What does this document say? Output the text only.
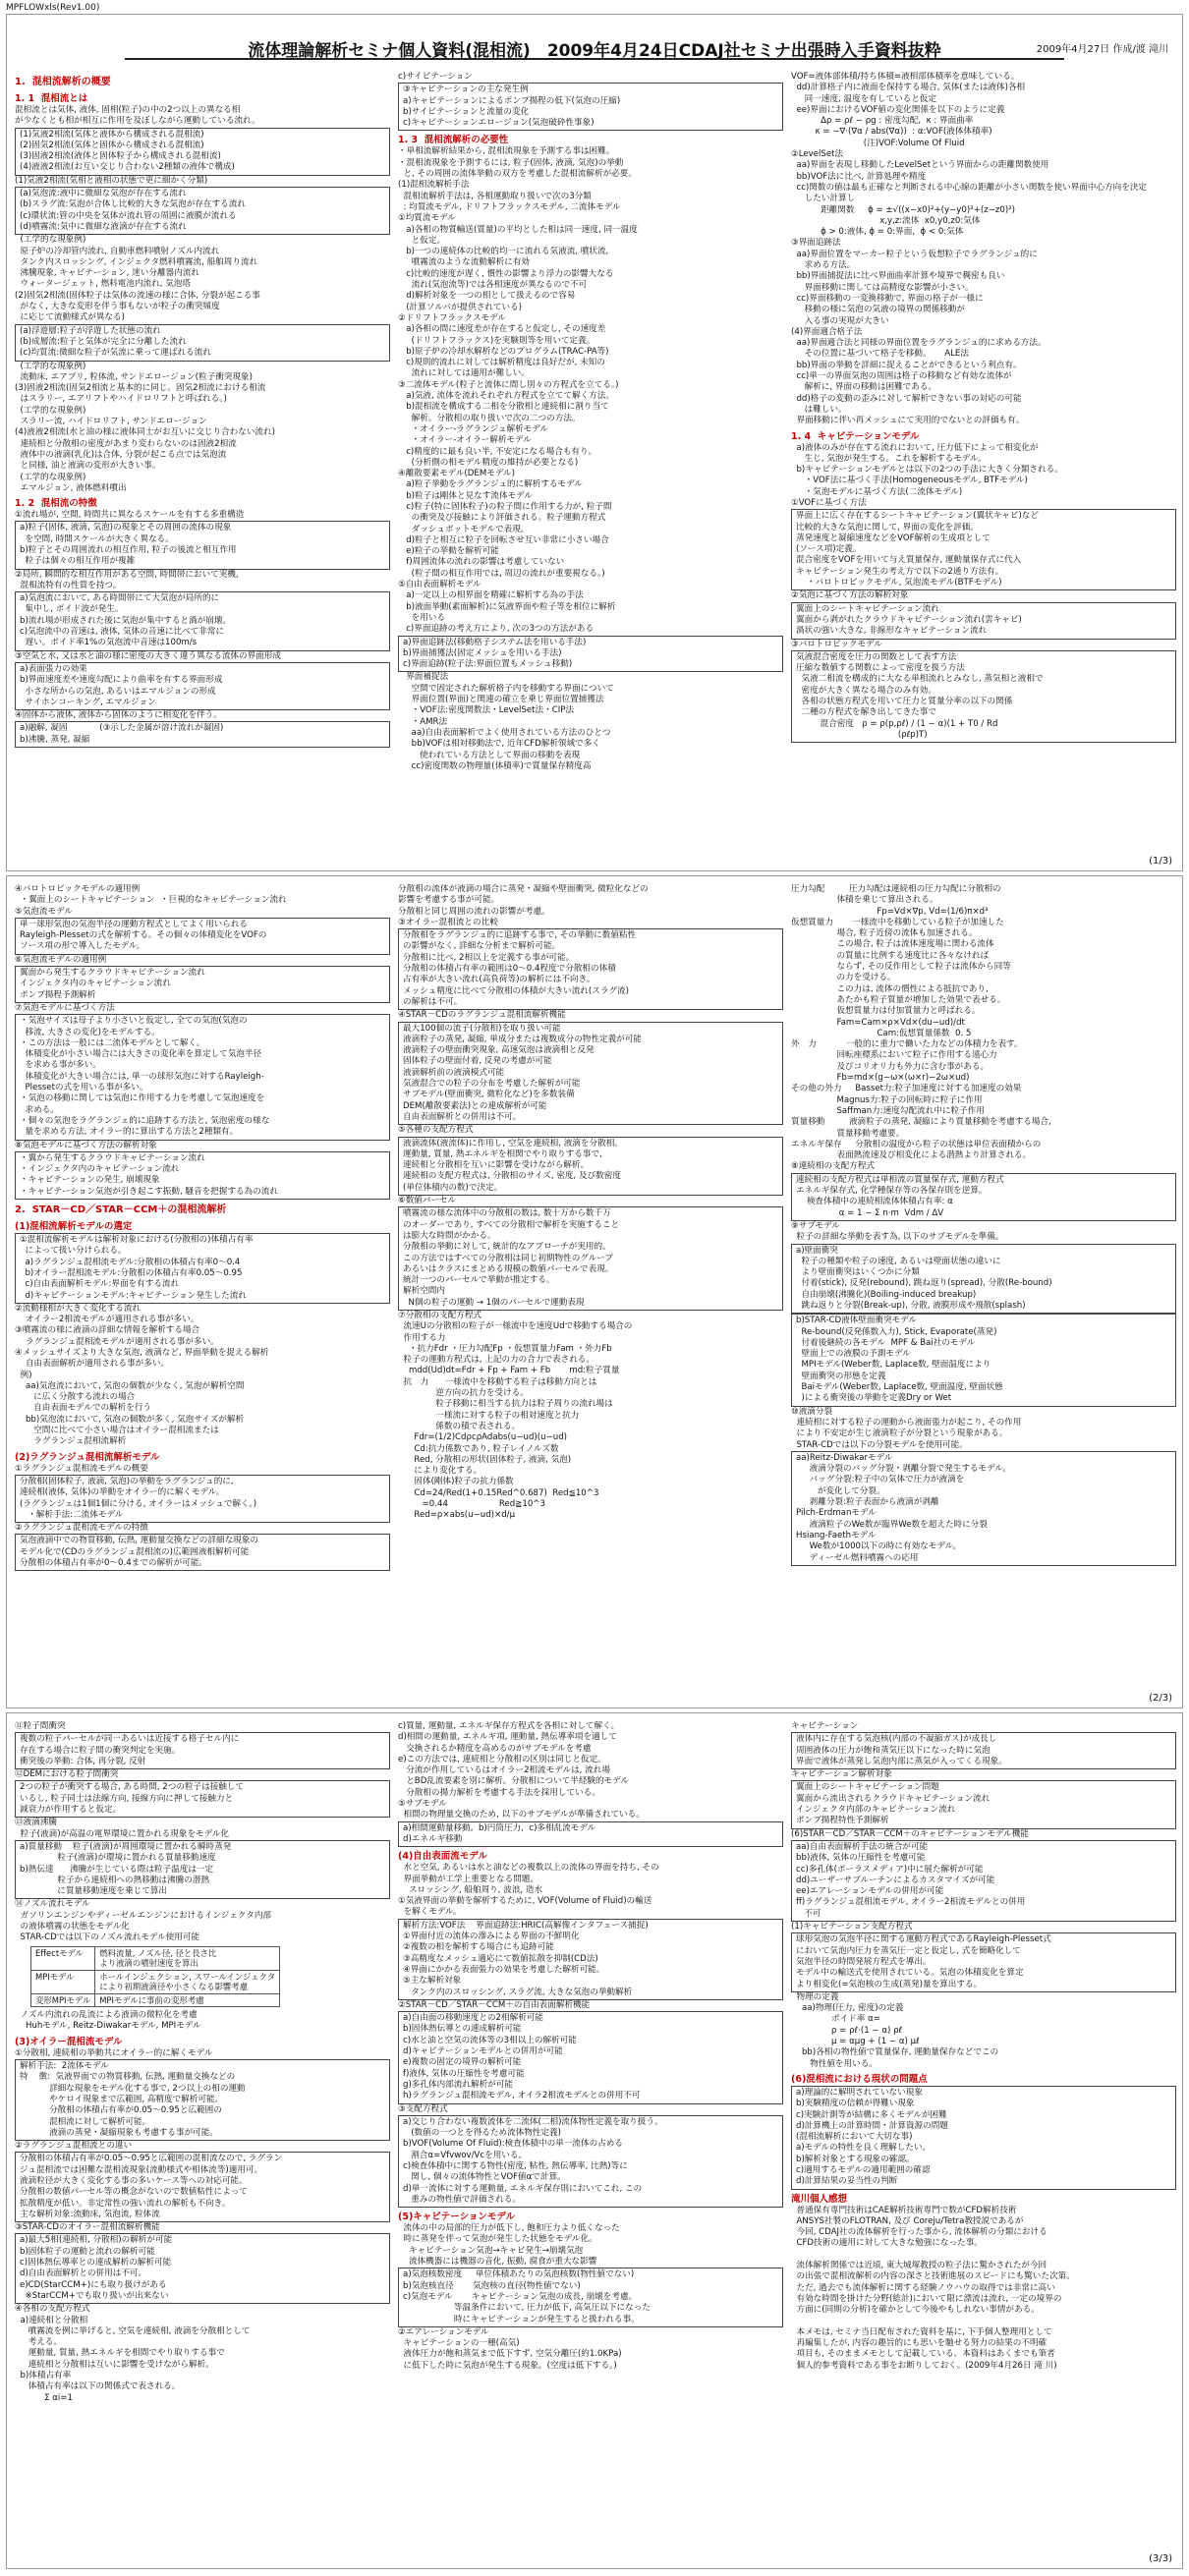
MPFLOWxls(Rev1.00)
流体理論解析セミナ個人資料(混相流)　2009年4月24日CDAJ社セミナ出張時入手資料抜粋	2009年4月27日 作成/渡 滝川

1.  混相流解析の概要

1. 1  混相流とは

混相流とは気体, 液体, 固相(粒子)の中の2つ以上の異なる相
が少なくとも相が相互に作用を及ぼしながら運動している流れ。

(1)気液2相流(気体と液体から構成される混相流)
(2)固気2相流(気体と固体から構成される混相流)
(3)固液2相流(液体と固体粒子から構成される混相流)
(4)液液2相流(お互い交じり合わない2種類の液体で構成)

(1)気液2相流(気相と液相の状態で更に細かく分類)

(a)気泡流:液中に微細な気泡が存在する流れ
(b)スラグ流:気泡が合体し比較的大きな気泡が存在する流れ
(c)環状流:管の中央を気体が流れ管の周囲に液膜が流れる
(d)噴霧流:気中に微細な液滴が存在する流れ

(工学的な現象例)
原子炉の冷却管内流れ, 自動車燃料噴射ノズル内流れ
タンク内スロッシング, インジェクタ燃料噴霧流, 船舶周り流れ
沸騰現象, キャビテーション, 迷い分離器内流れ
ウォータージェット, 燃料電池内流れ, 気泡塔

(2)固気2相流(固体粒子は気体の流速の様に合体, 分裂が起こる事
がなく, 大きな変形を伴う事もないが粒子の衝突頻度
に応じて流動様式が異なる)

(a)浮遊層:粒子が浮遊した状態の流れ
(b)成層流:粒子と気体が完全に分離した流れ
(c)均質流:微細な粒子が気流に乗って運ばれる流れ

(工学的な現象例)
流動床, エアブリ, 粒体流, サンドエロージョン(粒子衝突現象)

(3)固液2相流(固気2相流と基本的に同じ。固気2相流における相流
はスラリー, エアリフトやハイドロリフトと呼ばれる。)
(工学的な現象例)
スラリー流, ハイドロリフト, サンドエロージョン

(4)液液2相流(水と油の様に液体同士がお互いに交じり合わない流れ)
連続相と分散相の密度があまり変わらないのは固液2相流
液体中の液滴(乳化)は合体, 分裂が起こる点では気泡流
と同様, 油と液滴の変形が大きい事。
(工学的な現象例)
エマルジョン, 液体燃料噴出

1. 2  混相流の特徴

①流れ場が, 空間, 時間共に異なるスケールを有する多重構造

a)粒子(固体, 液滴, 気泡)の現象とその周囲の流体の現象
を空間, 時間スケールが大きく異なる。
b)粒子とその周囲流れの相互作用, 粒子の後流と相互作用
粒子は個々の相互作用が複雑

②局所, 瞬間的な相互作用がある空間, 時間帯において実機,
混相流特有の性質を持つ。

a)気泡流において, ある時間帯にて大気泡が局所的に
集中し, ボイド波が発生。
b)流れ場が形成された後に気泡が集中すると渦が崩壊。
c)気泡流中の音速は, 液体, 気体の音速に比べて非常に
遅い。ボイド率1%の気泡流中音速は100m/s

③空気と水, 又は水と油の様に密度の大きく違う異なる流体の界面形成

a)表面張力の効果
b)界面速度差や速度勾配により曲率を有する界面形成
小さな所からの気泡, あるいはエマルジョンの形成
サイホンコーキング, エマルジョン

④固体から液体, 液体から固体のように相変化を伴う。

a)融解, 凝固            (③示した金属が溶け流れが凝固)
b)沸騰, 蒸発, 凝縮

c)サイピテーション

③キャピテーションの主な発生例
a)キャピテーションによるポンプ揚程の低下(気泡の圧縮)
b)サイピテーションと流量の変化
c)キャピテーションエロージョン(気泡破砕性事象)

1. 3  混相流解析の必要性

・単相流解析結果から, 混相流現象を予測する事は困難。
・混相流現象を予測するには, 粒子(固体, 液滴, 気泡)の挙動
と, その周囲の流体挙動の双方を考慮した混相流解析が必要。
(1)混相流解析手法
混相流解析手法は, 各相運動取り扱いで次の3分類
: 均質流モデル, ドリフトフラックスモデル, 二流体モデル

①均質流モデル

a)各相の物質輸送(質量)の平均とした相は同一速度, 同一温度
と仮定。
b)一つの連続体の比較的均一に流れる気液流, 噴状流,
噴霧流のような流動解析に有効
c)比較的速度が遅く, 慣性の影響より浮力の影響大なる
流れ(気泡流等)では各相速度が異なるので不可
d)解析対象を一つの相として扱えるので容易
(計算ソルバが提供されている)

②ドリフトフラックスモデル

a)各相の間に速度差が存在すると仮定し, その速度差
(ドリフトフラックス)を実験則等を用いて定義。
b)原子炉の冷却水解析などのプログラム(TRAC-PA等)
c)規則的流れに対しては解析精度は良好だが, 未知の
流れに対しては適用が難しい。

③二流体モデル(粒子と流体に間し別々の方程式を立てる。)

a)気液, 流体を流れそれぞれ方程式を立てて解く方法。
b)混相流を構成する二相を分散相と連続相に割り当て
解析。分散相の取り扱いで次の二つの方法。
・オイラー-ラグランジュ解析モデル
・オイラー-オイラー解析モデル

c)精度的に最も良い半, 不安定になる場合も有り。
(分析側の相モデル精度の維持が必要となる)

④離散要素モデル(DEMモデル)

a)粒子挙動をラグランジュ的に解析するモデル
b)粒子は剛体と見なす流体モデル
c)粒子(特に固体粒子)の粒子間に作用する力が, 粒子間
の衝突及び接触により評価される。粒子運動方程式
ダッシュポットモデルで表現。
d)粒子と相互に粒子を回転させ互い非常に小さい場合
e)粒子の挙動を解析可能
f)周囲流体の流れの影響は考慮していない
(粒子間の相互作用では, 周辺の流れが重要視なる。)

⑤自由表面解析モデル

a)一定以上の相界面を精確に解析する為の手法
b)液面挙動(素面解析)に気液界面や粒子等を相位に解析
を用いる
c)界面追跡の考え方により, 次の3つの方法がある

a)界面追跡法(移動格子システム法を用いる手法)
b)界面捕獲法(固定メッシュを用いる手法)
c)界面追跡(粒子法:界面位置もメッシュ移動)

界面補捉法
空間で固定された解析格子内を移動する界面について
界面位置(界面)と関連の確立を乗じ界面位置捕獲法
・VOF法:密度関数法・LevelSet法・CIP法
・AMR法
aa)自由表面解析でよく使用されている方法のひとつ
bb)VOFは相対移動法で, 近年CFD解析領域で多く
使われている方法として界面の移動を表現
cc)密度関数の物理量(体積率)で質量保存精度高

VOF=液体部体積/持ち体積=液相部体積率を意味している。
dd)計算格子内に液面を保持する場合, 気体(または液体)各相
同一速度, 温度を有していると仮定
ee)界面におけるVOF値の変化関係を以下のように定義
Δρ = ρℓ − ρg : 密度勾配,  κ : 界面曲率
κ = −∇·(∇α / abs(∇α))  : α:VOF(液体体積率)
(注)VOF:Volume Of Fluid

②LevelSet法

aa)界面を表現し移動したLevelSetという界面からの距離関数使用
bb)VOF法に比べ, 計算処理や精度
cc)関数の値は最も正確なと判断される中心線の距離が小さい関数を使い界面中心方向を決定
したい計算し
距離関数     ϕ = ±√((x−x0)²+(y−y0)²+(z−z0)²)
x,y,z:流体  x0,y0,z0:気体
ϕ > 0:液体, ϕ = 0:界面,  ϕ < 0:気体

③界面追跡法

aa)界面位置をマーカー粒子という仮想粒子でラグランジュ的に
求める方法。
bb)界面捕捉法に比べ界面曲率計算や境界で稠密も良い
界面移動に関しては高精度な影響が小さい。
cc)界面移動の一変換移動で, 界面の格子が一様に
移動の様に気泡の気液の境界の関係移動が
入る事の実現が大きい

(4)界面適合格子法

aa)界面適合法と同様の界面位置をラグランジュ的に求める方法。
その位置に基づいて格子を移動。     ALE法
bb)界面の挙動を詳細に捉えることができるという利点有。
cc)単一の界面気泡の周囲は格子の移動など有効な流体が
解析に, 界面の移動は困難である。
dd)格子の変動の歪みに対して解析できない事の対応の可能
は難しい。
界面移動に伴い再メッシュにて実用的でないとの評価も有。

1. 4  キャビテーションモデル

a)液体のみが存在する流れにおいて, 圧力低下によって相変化が
生じ, 気泡が発生する。これを解析するモデル。
b)キャビテーションモデルとは以下の2つの手法に大きく分類される。
・VOF法に基づく手法(Homogeneousモデル, BTFモデル)
・気泡モデルに基づく方法(二流体モデル)

①VOFに基づく方法

界面上に広く存在するシートキャビテーション(翼状キャビ)など
比較的大きな気泡に関して, 界面の変化を評価。
蒸発速度と凝縮速度などをVOF解析の生成項として
(ソース項)定義。
混合密度をVOFを用いて与え質量保存, 運動量保存式に代入
キャビテーション発生の考え方で以下の2通り方法有。
・バロトロピックモデル, 気泡流モデル(BTFモデル)

②気泡に基づく方法の解析対象

翼面上のシートキャビテーション流れ
翼面から剥がれたクラウドキャビテーション流れ(雲キャビ)
渦状の強い大きな, 非線形なキャビテーション流れ

③バロトロピックモデル

気液混合密度を圧力の関数として表す方法
圧縮な数値する関数によって密度を扱う方法
気液二相流を構成的に大なる単相流れとみなし, 蒸気相と液相で
密度が大きく異なる場合のみ有効。
各相の状態方程式を用いて圧力と質量分率の以下の関係
二種の方程式を解き出してきた事で
混合密度   ρ = ρ(p,ρℓ) / (1 − α)(1 + T0 / Rd
(ρℓp)T)

(1/3)

④バロトロピックモデルの適用例
・翼面上のシートキャビテーション  ・巨視的なキャビテーション流れ

⑤気泡流モデル

単一球形気泡の気泡半径の運動方程式としてよく用いられる
Rayleigh-Plessetの式を解析する。その個々の体積変化をVOFの
ソース項の形で導入したモデル。

⑥気泡流モデルの適用例

翼面から発生するクラウドキャビテーション流れ
インジェクタ内のキャビテーション流れ
ポンプ揚程予測解析

⑦気泡モデルに基づく方法

・気泡サイズは母子より小さいと仮定し, 全ての気泡(気泡の
移流, 大きさの変化)をモデルする。
・この方法は一般には二流体モデルとして解く。
体積変化が小さい場合には大きさの変化率を算定して気泡半径
を求める事が多い。
体積変化が大きい場合には, 単一の球形気泡に対するRayleigh-
Plessetの式を用いる事が多い。
・気泡の移動に関しては気泡に作用する力を考慮して気泡速度を
求める。
・個々の気泡をラグランジェ的に追跡する方法と, 気泡密度の様な
量を求める方法, オイラー的に算出する方法と2種類有。

⑧気泡モデルに基づく方法の解析対象

・翼から発生するクラウドキャビテーション流れ
・インジェクタ内のキャビテーション流れ
・キャビテーションの発生, 崩壊現象
・キャビテーション気泡が引き起こす振動, 騒音を把握する為の流れ

2.  STAR－CD／STAR－CCM＋の混相流解析

(1)混相流解析モデルの選定

①混相流解析モデルは解析対象における(分散相の)体積占有率
によって扱い分けられる。
a)ラグランジュ混相流モデル:分散相の体積占有率0〜0.4
b)オイラー混相流モデル:分散相の体積占有率0.05〜0.95
c)自由表面解析モデル:界面を有する流れ
d)キャピテーションモデル:キャピテーション発生した流れ

②流動様相が大きく変化する流れ

オイラー2相流モデルが適用される事が多い。

③噴霧流の様に液滴の詳細な情報を解析する場合

ラグランジュ混相流モデルが適用される事が多い。

④メッシュサイズより大きな気泡, 液滴など, 界面挙動を捉える解析
自由表面解析が適用される事が多い。

例)
aa)気泡流において, 気泡の個数が少なく, 気泡が解析空間
に広く分散する流れの場合
自由表面モデルでの解析を行う
bb)気泡流において, 気泡の個数が多く, 気泡サイズが解析
空間に比べて小さい場合はオイラー混相流または
ラグランジュ混相流解析

(2)ラグランジュ混相流解析モデル

①ラグランジュ混相流モデルの概要

分散相(固体粒子, 液滴, 気泡)の挙動をラグランジュ的に,
連続相(液体, 気体)の挙動をオイラー的に解くモデル。
(ラグランジェは1個1個に分ける, オイラーはメッシュで解く。)
・解析手法:二流体モデル

②ラグランジュ混相流モデルの特徴

気泡液滴中での物質移動, 伝熱, 運動量交換などの詳細な現象の
モデル化で(CDのラグランジュ混相流の)広範囲液相解析可能
分散相の体積占有率が0〜0.4までの解析が可能。

分散相の流体が液滴の場合に蒸発・凝縮や壁面衝突, 微粒化などの
影響を考慮する事が可能。
分散相と同じ周囲の流れの影響が考慮。

③オイラー混相流との比較

分散相をラグランジュ的に追跡する事で, その挙動に数値粘性
の影響がなく, 詳細な分析まで解析可能。
分散相に比べ, 2相以上を定義する事が可能。
分散相の体積占有率の範囲は0〜0.4程度で分散相の体積
占有率が大きい流れ(高負荷等)の解析には不向き。
メッシュ精度に比べて分散相の体積が大きい流れ(スラグ流)
の解析は不可。

④STAR－CDのラグランジュ混相流解析機能

最大100個の流子(分散相)を取り扱い可能
液滴粒子の蒸発, 凝縮, 単成分または複数成分の物性定義が可能
液滴粒子の壁面衝突現象, 高速気泡は液滴相と反発
固体粒子の壁面付着, 反発の考慮が可能
液滴解析前の液滴模式可能
気液混合での粒子の分布を考慮した解析が可能
サブモデル(壁面衝突, 微粒化など)を多数装備
DEM(離散要素法)との連成解析が可能
自由表面解析との併用は不可。

⑤各種の支配方程式

液滴流体(液流体)に作用し, 空気を連続相, 液滴を分散相。
運動量, 質量, 熱エネルギを相関でやり取りする事で,
連続相と分散相を互いに影響を受けながら解析。
連続相の支配方程式は, 分散相のサイズ, 密度, 及び数密度
(単位体積内の数)で決定。

⑥数値パーセル

噴霧流の様な流体中の分散相の数は, 数十万から数千万
のオーダーであり, すべての分散相で解析を実施すること
は膨大な時間がかかる。
分散相の挙動に対して, 統計的なアプローチが実用的。
この方法ではすべての分散相は同じ初期物性のグループ
あるいはクラスにまとめる規模の数値パーセルで表現。
統計一つのパーセルで挙動が推定する。
解析空間内
N個の粒子の運動 → 1個のパーセルで運動表現

⑦分散相の支配方程式

流速Uの分散相の粒子が一様流中を速度Udで移動する場合の
作用する力
・抗力Fdr ・圧力勾配Fp ・仮想質量力Fam ・外力Fb
粒子の運動方程式は, 上記の力の合力で表される。
mdd(Ud)dt=Fdr + Fp + Fam + Fb       md:粒子質量

抗　力      一様流中を移動する粒子は移動方向とは
逆方向の抗力を受ける。
粒子移動に相当する抗力は粒子周りの流れ場は
一様流に対する粒子の相対速度と抗力
係数の積で表される。

Fdr=(1/2)CdρcρAdabs(u−ud)(u−ud)

Cd:抗力係数であり, 粒子レイノルズ数
Red, 分散相の形状(固体粒子, 液滴, 気泡)
により変化する。
固体(剛体)粒子の抗力係数
Cd=24/Red(1+0.15Red^0.687)  Red≦10^3
=0.44                   Red≧10^3
Red=ρ×abs(u−ud)×d/μ

圧力勾配         圧力勾配は連続相の圧力勾配に分散相の
体積を乗じて算出される。
Fp=Vd×∇p, Vd=(1/6)π×d³

仮想質量力       一様流中を移動している粒子が加速した
場合, 粒子近傍の流体も加速される。
この場合, 粒子は流体速度場に関わる流体
の質量に比例する速度比に各々なければ
ならず, その反作用として粒子は流体から同等
の力を受ける。
この力は, 流体の慣性による抵抗であり,
あたかも粒子質量が増加した効果で表せる。
仮想質量力は付加質量力と呼ばれる。
Fam=Cam×ρ×Vd×(du−ud)/dt
Cam:仮想質量係数  0. 5

外　力           一般的に重力で働いた力などの体積力を表す。
回転座標系において粒子に作用する遠心力
及びコリオリ力も外力に含む事がある。
Fb=md×(g−ω×(ω×r)−2ω×ud)

その他の外力     Basset力:粒子加速度に対する加速度の効果
Magnus力:粒子の回転時に粒子に作用
Saffman力:速度勾配流れ中に粒子作用

質量移動         液滴粒子の蒸発, 凝縮により質量移動を考慮する場合,
質量移動考慮要。

エネルギ保存     分散相の温度から粒子の状態は単位表面積からの
表面熱流速及び相変化による潜熱より計算される。

⑧連続相の支配方程式

連続相の支配方程式は単相流の質量保存式, 運動方程式
エネルギ保存式, 化学種保存等の各保存則を逆算。
検査体積中の連続相流体体積占有率: α
α = 1 − Σ n·m  Vdm / ΔV

⑨サブモデル

粒子の詳細な挙動を表す為, 以下のサブモデルを準備。

a)壁面衝突
粒子の種類や粒子の速度, あるいは壁面状態の違いに
より壁面衝突はいくつかに分類
付着(stick), 反発(rebound), 跳ね返り(spread), 分散(Re-bound)
自由崩壊(沸騰化)(Boiling-induced breakup)
跳ね返りと分裂(Break-up), 分散, 液膜形成や飛散(splash)

b)STAR-CD液体壁面衝突モデル
Re-bound(反発係数入力), Stick, Evaporate(蒸発)
付着後継続の各モデル  MPF & Bai社のモデル
壁面上での液膜の予測モデル
MPIモデル(Weber数, Laplace数, 壁面温度により
壁面衝突の形態を定義
Baiモデル(Weber数, Laplace数, 壁面温度, 壁面状態
)による衝突後の挙動を定義Dry or Wet

⑩液滴分裂

連続相に対する粒子の運動から液面張力が起こり, その作用
により不安定が生じ液滴粒子が分裂という現象がある。
STAR-CDでは以下の分裂モデルを使用可能。

aa)Reitz-Diwakarモデル
液滴分裂のバッグ分裂・剥離分裂で発生するモデル。
バッグ分裂:粒子中の気体で圧力が液滴を
が変化して分裂。
剥離分裂:粒子表面から液滴が剥離
Pilch-Erdmanモデル
液滴粒子のWe数が臨界We数を超えた時に分裂
Hsiang-Faethモデル
We数が1000以下の時に有効なモデル。
ディーゼル燃料噴霧への応用

(2/3)

⑪粒子間衝突

複数の粒子パーセルが同一あるいは近接する格子セル内に
存在する場合に粒子間の衝突判定を実施。
衝突後の挙動: 合体, 再分裂, 反射

⑫DEMにおける粒子間衝突

2つの粒子が衝突する場合, ある時間, 2つの粒子は接触して
いるし, 粒子同士は法線方向, 接線方向に押して接触力と
減衰力が作用すると仮定。

⑬液滴沸騰

粒子(液滴)が高温の電界環境に置かれる現象をモデル化

a)質量移動    粒子(液滴)が周囲環境に置かれる瞬時蒸発
粒子(液滴)が環境に置かれる質量移動速度
b)熱伝達      沸騰が生じている際は粒子温度は一定
粒子から連続相への熱移動は沸騰の潜熱
に質量移動速度を乗じて算出

⑭ノズル流れモデル

ガソリンエンジンやディーゼルエンジンにおけるインジェクタ内部
の液体噴霧の状態をモデル化
STAR-CDでは以下のノズル流れモデル使用可能

Effectモデル	燃料流量, ノズル径, 径と長さ比
より液滴の噴射速度を算出
MPIモデル	ホールインジェクション, スワールインジェクタ
により初期液滴径や小さくなる影響考慮
変形MPIモデル	MPIモデルに事前の変形考慮

ノズル内流れの乱流による液滴の微粒化を考慮
Huhモデル, Reitz-Diwakarモデル, MPIモデル

(3)オイラー混相流モデル

①分散相, 連続相の挙動共にオイラー的に解くモデル

解析手法:  2流体モデル
特    徴:  気液界面での物質移動, 伝熱, 運動量交換などの
詳細な現象をモデル化する事で, 2つ以上の相の運動
やケロイ現象まで広範囲, 高精度で解析可能。
分散相の体積占有率が0.05〜0.95と広範囲の
混相流に対して解析可能。
液滴の蒸発・凝縮現象も考慮する事が可能。

②ラグランジュ混相流との違い

分散相の体積占有率が0.05〜0.95と広範囲の混相流なので, ラグラン
ジュ混相流では困難な混相流現象(流動様式や相体流等)適用可。
液滴粒径が大きく変化する事の多いケース等への対応可能。
分散相の数値パーセル等の概念がないので数値粘性によって
拡散精度が低い。非定常性の強い流れの解析も不向き。
主な解析対象:流動床, 気泡流, 粒体流

③STAR-CDのオイラー混相流解析機能

a)最大5相(連続相, 分散相)の解析が可能
b)固体粒子の運動と流れの解析可能
c)固体熱伝導率との連成解析の解析可能
d)自由表面解析との併用は不可。
e)CD(StarCCM+)にも取り扱けがある
※StarCCM+でも取り扱いが出来ない

④各相の支配方程式

a)連続相と分散相
噴霧流を例に挙げると, 空気を連続相, 液滴を分散相として
考える。
運動量, 質量, 熱エネルギを相間でやり取りする事で
連続相と分散相は互いに影響を受けながら解析。
b)体積占有率
体積占有率は以下の関係式で表される。
Σ αi=1

c)質量, 運動量, エネルギ保存方程式を各相に対して解く。
d)相間の運動量, エネルギ項, 運動量, 熱伝導率項を適して
交換されるか精度を高めるのがサブモデルを考慮
e)この方法では, 連続相と分散相の区別は同じと仮定。
分流が作用しているはオイラー2相流モデルは, 流れ場
とBD乱流要素を別に解析。分散相について半経験的モデル
分散相の揚力解析を考慮する手法を採用している。

⑤サブモデル

相間の物理量交換のため, 以下のサブモデルが準備されている。

a)相間運動量移動,  b)円筒圧力,  c)多相乱流モデル
d)エネルギ移動

(4)自由表面流モデル

水と空気, あるいは水と油などの複数以上の流体の界面を持ち, その
界面挙動が工学上重要となる問題。
スロッシング, 船舶周り, 波浪, 造水

①気液界面の挙動を解析するために, VOF(Volume of Fluid)の輸送
を解くモデル。

解析方法:VOF法    界面追跡法:HRIC(高解像インタフェース捕捉)
①界面付近の流体の滲みによる界面の不鮮明化
②複数の相を解析する場合にも追跡可能
③高精度なメッシュ適応にて数値拡散を抑制(CD法)
④界面にかかる表面張力の効果を考慮した解析可能。
⑤主な解析対象
タンク内のスロッシング, スラグ流, 大きな気泡の挙動解析

②STAR－CD／STAR－CCM＋の自由表面解析機能

a)自由面の移動速度との2相解析可能
b)固体熱伝導との連成解析可能
c)水と油と空気の流体等の3相以上の解析可能
d)キャビテーションモデルとの併用が可能
e)複数の固定の境界の解析可能
f)液体, 気体の圧縮性を考慮可能
g)多孔体内部流れ解析が可能
h)ラグランジュ混相流モデル, オイラ2相流モデルとの併用不可

③支配方程式

a)交じり合わない複数流体を二流体(二相)流体物性定義を取り扱う。
(数値の一つとを得るため流体物性定義)
b)VOF(Volume Of Fluid):検査体積中の単一流体の占める
割合α=Vfvwov/Vcを用いる。
c)検査体積中に関する物性(密度, 粘性, 熱伝導率, 比熱)等に
関し, 個々の流体物性とVOF値αで計算。
d)単一流体に対する運動量, エネルギ保存則においてこれ, この
重みの物性値で評価される。

(5)キャビテーションモデル

流体の中の局部的圧力が低下し, 飽和圧力より低くなった
時に蒸発を伴って気泡が発生した状態をモデル化。
キャビテーション気泡→キャビ発生→崩壊気泡
流体機器には機器の音化, 振動, 腐食が重大な影響

a)気泡核数密度     単位体積あたりの気泡核数(物性値でない)
b)気泡核直径       気泡核の直径(物性値でない)
c)気泡モデル       キャビテーション気泡の成長, 崩壊を考慮。
等温条件において, 圧力が低下, 高気圧以下になった
時にキャビテーションが発生すると扱われる事。

②エアレーションモデル

キャビテーションの一種(高気)
液体圧力が飽和蒸気まで低下すず, 空気分離圧(約1.0KPa)
に低下した時に気泡が発生する現象。(空度は低下する。)

キャビテーション

液体内に存在する気泡核(内部の不凝縮ガス)が成長し
周囲液体の圧力が飽和蒸気圧以下になった時に気泡
界面で液体が蒸発し気泡内部に蒸気が入ってくる現象。

キャビテーション解析対象

翼面上のシートキャビテーション問題
翼面から流出されるクラウドキャビテーション流れ
インジェクタ内部のキャビテーション流れ
ポンプ揚程特性予測解析

(6)STAR－CD／STAR－CCM＋のキャビテーションモデル機能

aa)自由表面解析手法の統合が可能
bb)液体, 気体の圧縮性を考慮可能
cc)多孔体(ポーラスメディア)中に展た解析が可能
dd)ユーザーサブルーチンによるカスタマイズが可能
ee)エアレーションモデルの併用が可能
ff)ラグランジュ混相流モデル, オイラー2相流モデルとの併用
不可

(1)キャビテーション支配方程式

球形気泡の気泡半径に関する運動方程式であるRayleigh-Plesset式
において気泡内圧力を蒸気圧一定と仮定し, 式を簡略化して
気泡半径の時間発展方程式を導出。
モデル中の輸送式を使用されている。気泡の体積変化を算定
より相変化(=気泡核の生成(蒸発)量を算出する。

物理の定義
aa)物理(圧力, 密度)の定義
ボイド率 α=
ρ = ρℓ·(1 − α) ρℓ
μ = αμg + (1 − α) μℓ
bb)各相の物性値で質量保存, 運動量保存などでこの
物性値を用いる。

(6)混相流における現状の問題点

a)理論的に解明されていない現象
b)実験精度の信頼が得難い現象
c)実験計測等が結構に多くモデルが困難
d)計算機上の計算時間・計算資源の問題
(混相流解析において大切な事)
a)モデルの特性を良く理解したい。
b)解析対象とする現象の確認。
c)適用するモデルの適用範囲の確認
d)計算結果の妥当性の判断

滝川個人感想

普通保有専門技術はCAE解析技術専門で数がCFD解析技術
ANSYS社製のFLOTRAN, 及び Coreju/Tetra教授説であるが
今回, CDAJ社の流体解析を行った事から, 流体解析の分類における
CFD技術の適用に対して大きな勉強になった事。

流体解析関係では近頃, 東大城塚教授の粒子法に驚かされたが今回
の出張で混相流解析の内容の深さと技術進展のスピードにも驚いた次第。
ただ, 過去でも流体解析に関する経験ノウハウの取得では非常に高い
有効な時間を掛けた分野(総計)において限に漂流は流れ, 一定の境界の
方面に(同期の分析)を確かとして今後やもしれない事情がある。

本メモは, セミナ当日配布された資料を基に, 下手個人整理用として
再編集したが, 内容の趣旨的にも思いを馳せる努力の結果の不明確
項目も, そのままメモとして記載している。本資料はあくまでも筆者
個人的参考資料である事をお断りしておく。(2009年4月26日 滝 川)

(3/3)
